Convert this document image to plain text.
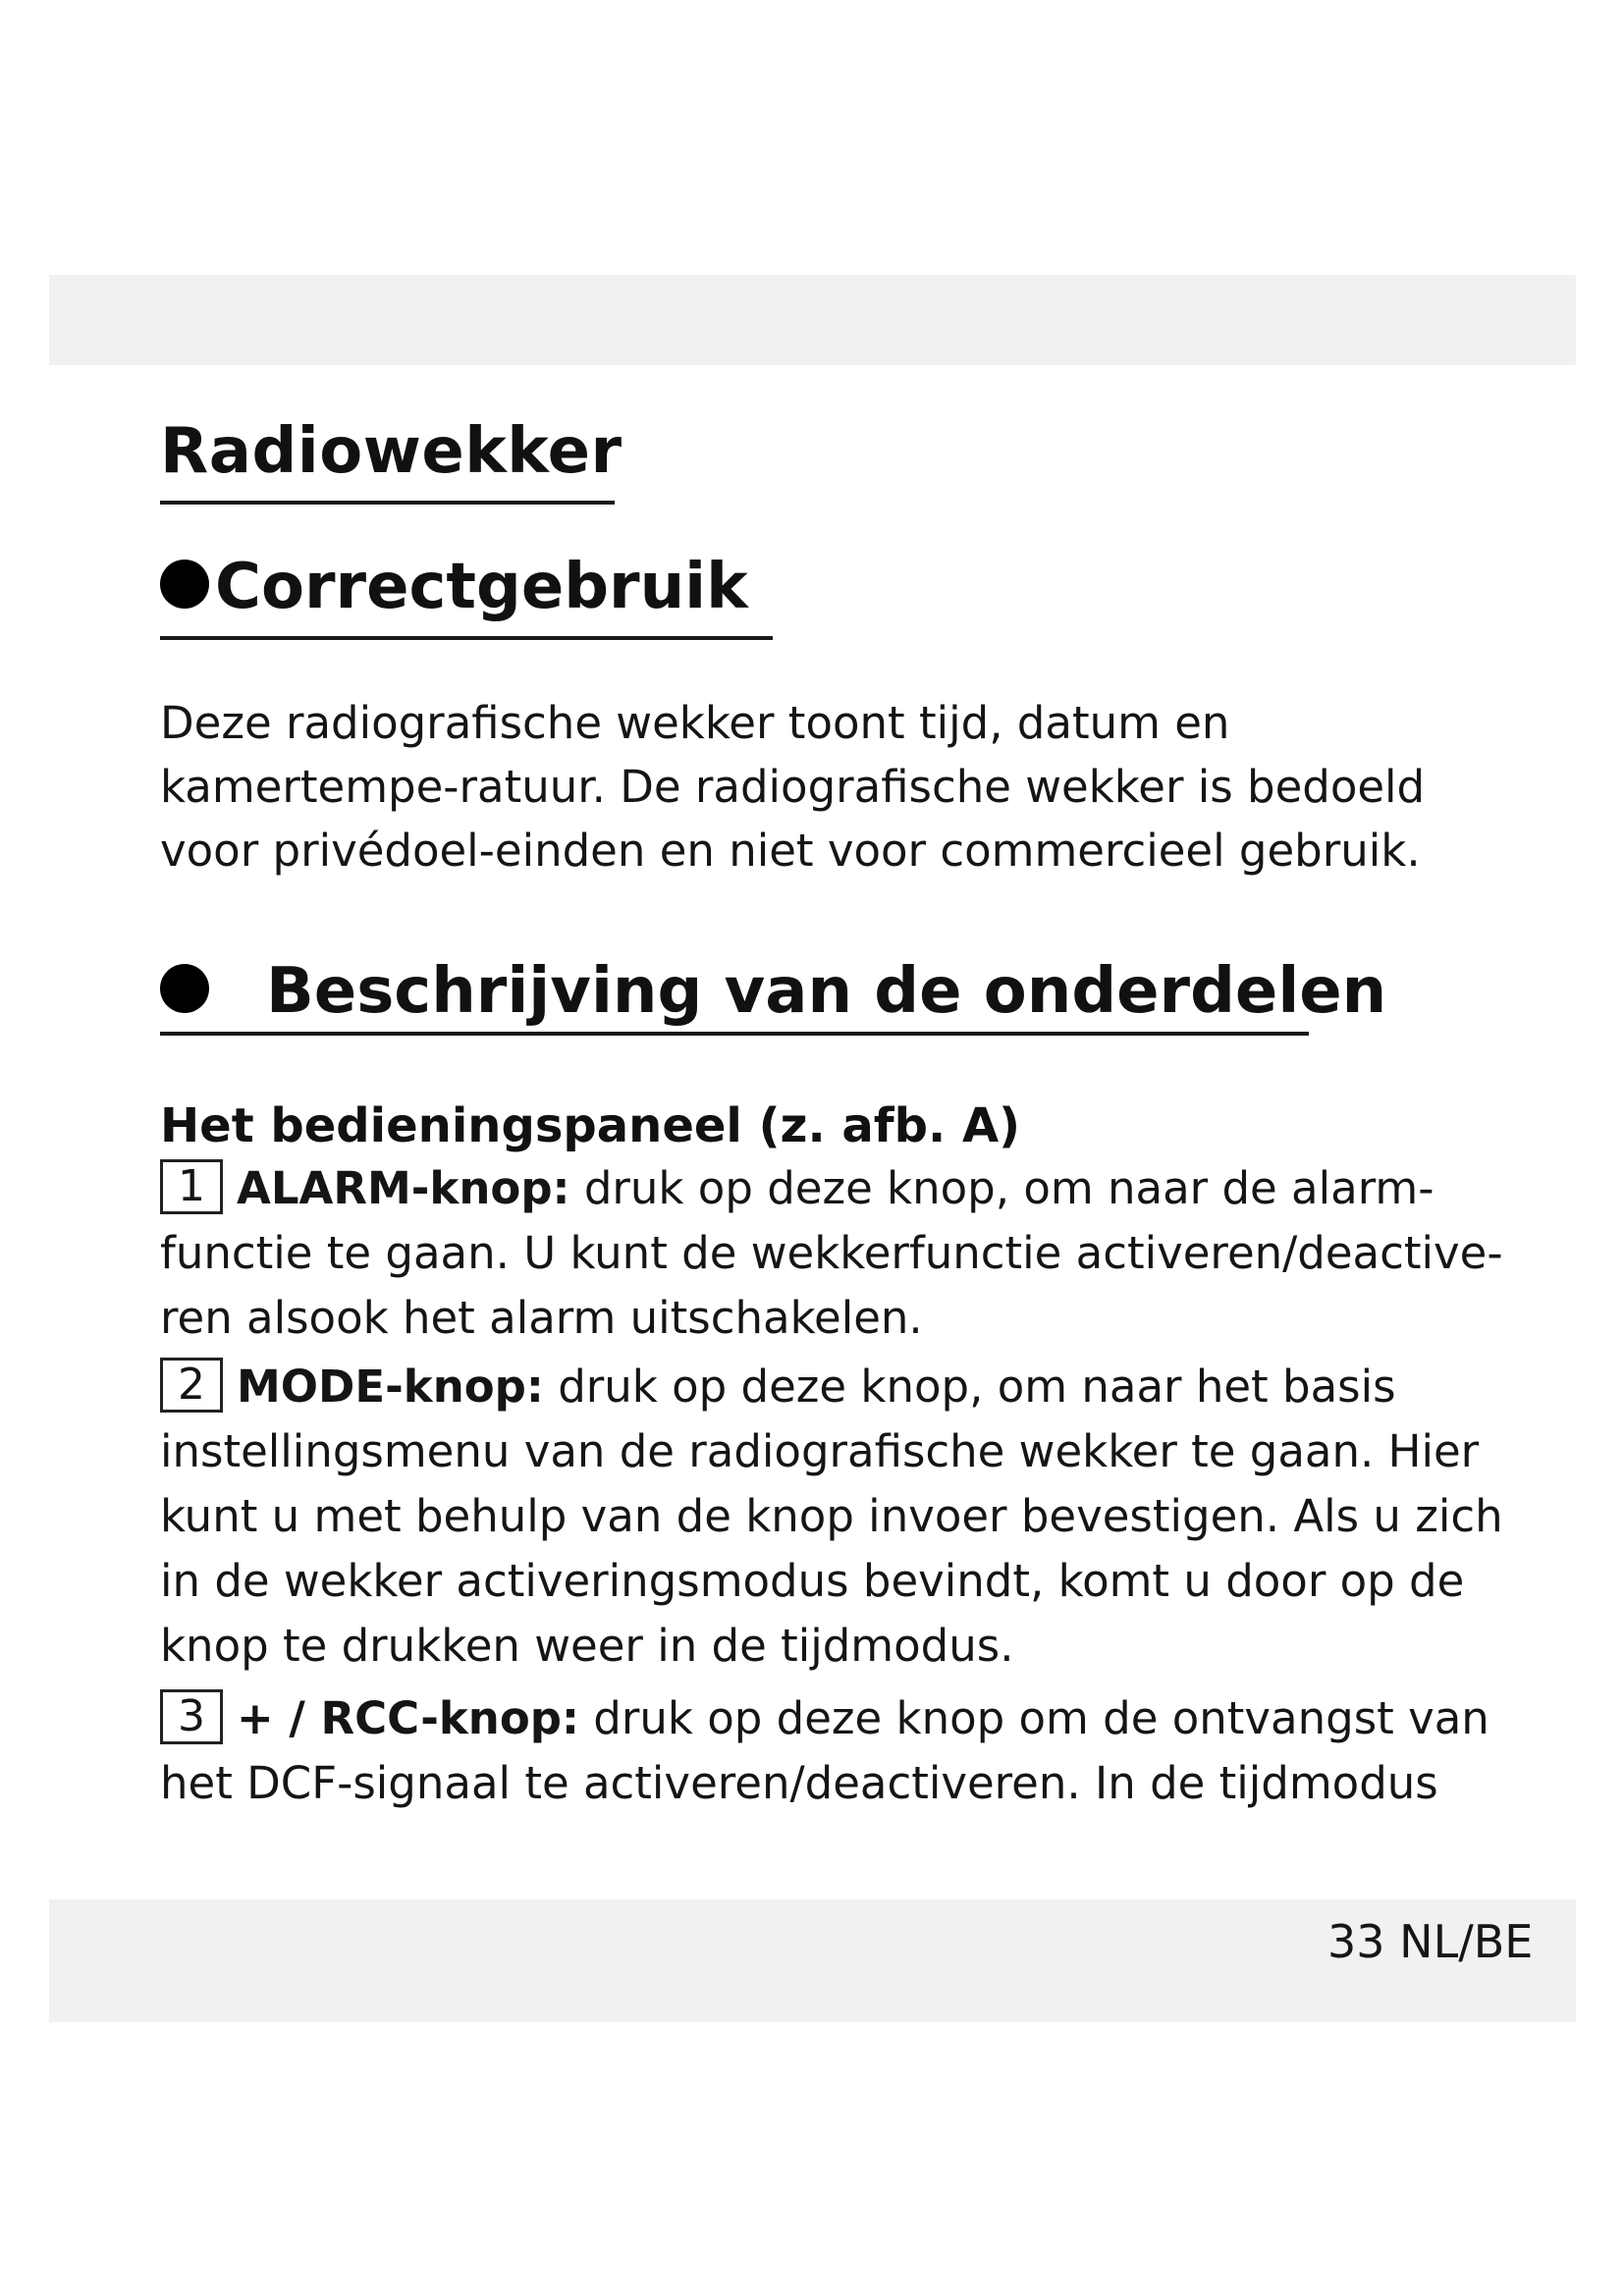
Radiowekker
Correctgebruik
Deze radiografische wekker toont tijd, datum en kamertempe-ratuur. De radiografische wekker is bedoeld voor privédoel-einden en niet voor commercieel gebruik.
Beschrijving van de onderdelen
Het bedieningspaneel (z. afb. A)
1 ALARM-knop: druk op deze knop, om naar de alarm-functie te gaan. U kunt de wekkerfunctie activeren/deactive-ren alsook het alarm uitschakelen.
2 MODE-knop: druk op deze knop, om naar het basis instellingsmenu van de radiografische wekker te gaan. Hier kunt u met behulp van de knop invoer bevestigen. Als u zich in de wekker activeringsmodus bevindt, komt u door op de knop te drukken weer in de tijdmodus.
3 + / RCC-knop: druk op deze knop om de ontvangst van het DCF-signaal te activeren/deactiveren. In de tijdmodus
33 NL/BE
